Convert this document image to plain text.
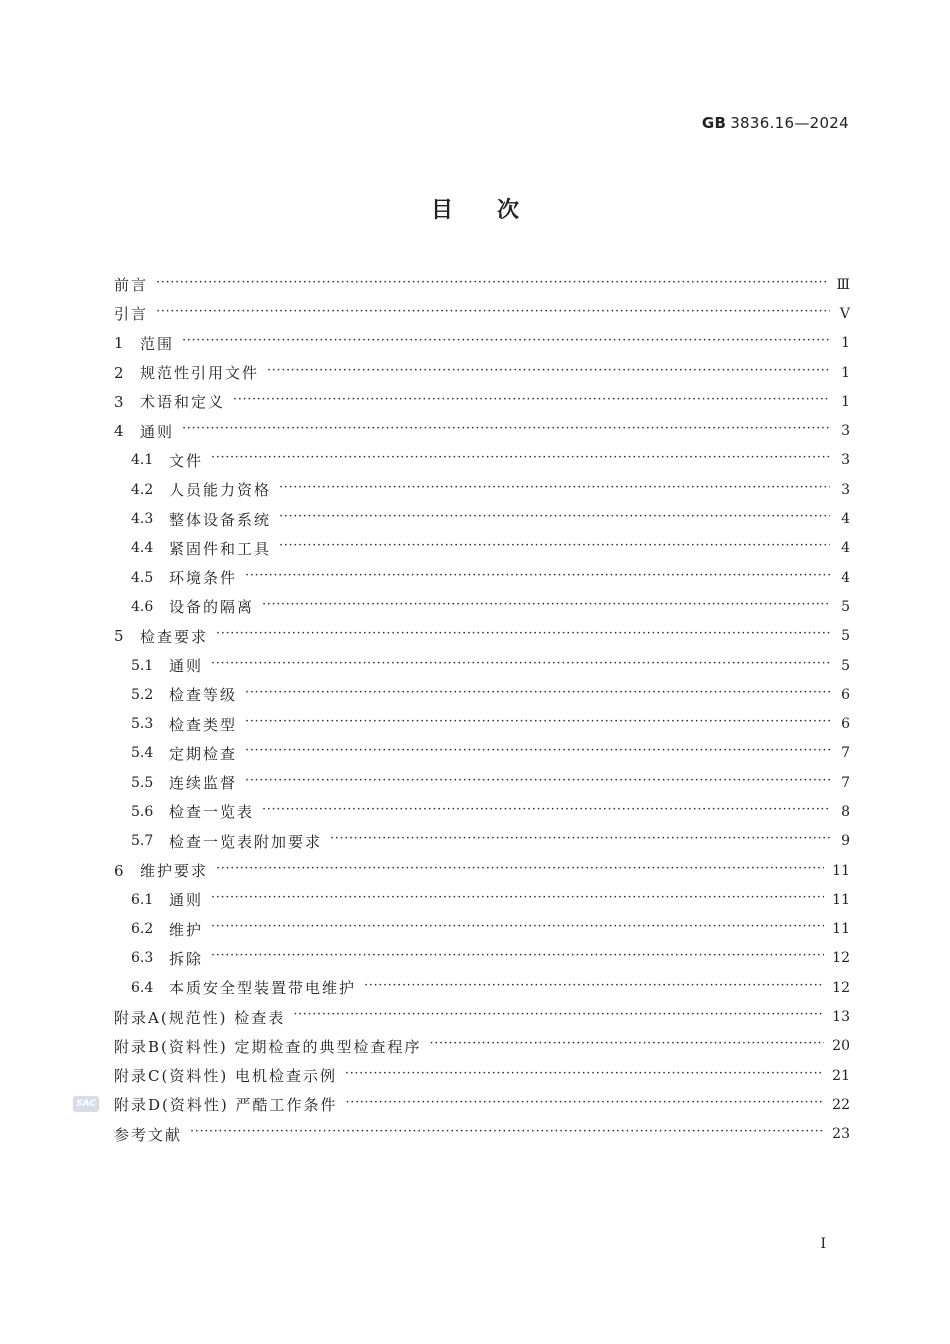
GB 3836.16—2024
目次
前言 ·····	Ⅲ
引言 ·····	Ⅴ
1	范围 ·····	1
2	规范性引用文件 ·····	1
3	术语和定义 ·····	1
4	通则 ·····	3
4.1	文件 ·····	3
4.2	人员能力资格 ·····	3
4.3	整体设备系统 ·····	4
4.4	紧固件和工具 ·····	4
4.5	环境条件 ·····	4
4.6	设备的隔离 ·····	5
5	检查要求 ·····	5
5.1	通则 ·····	5
5.2	检查等级 ·····	6
5.3	检查类型 ·····	6
5.4	定期检查 ·····	7
5.5	连续监督 ·····	7
5.6	检查一览表 ·····	8
5.7	检查一览表附加要求 ·····	9
6	维护要求 ·····	11
6.1	通则 ·····	11
6.2	维护 ·····	11
6.3	拆除 ·····	12
6.4	本质安全型装置带电维护 ·····	12
附录A(规范性) 检查表 ·····	13
附录B(资料性) 定期检查的典型检查程序 ·····	20
附录C(资料性) 电机检查示例 ·····	21
附录D(资料性) 严酷工作条件 ·····	22
参考文献 ·····	23
SAC
I
